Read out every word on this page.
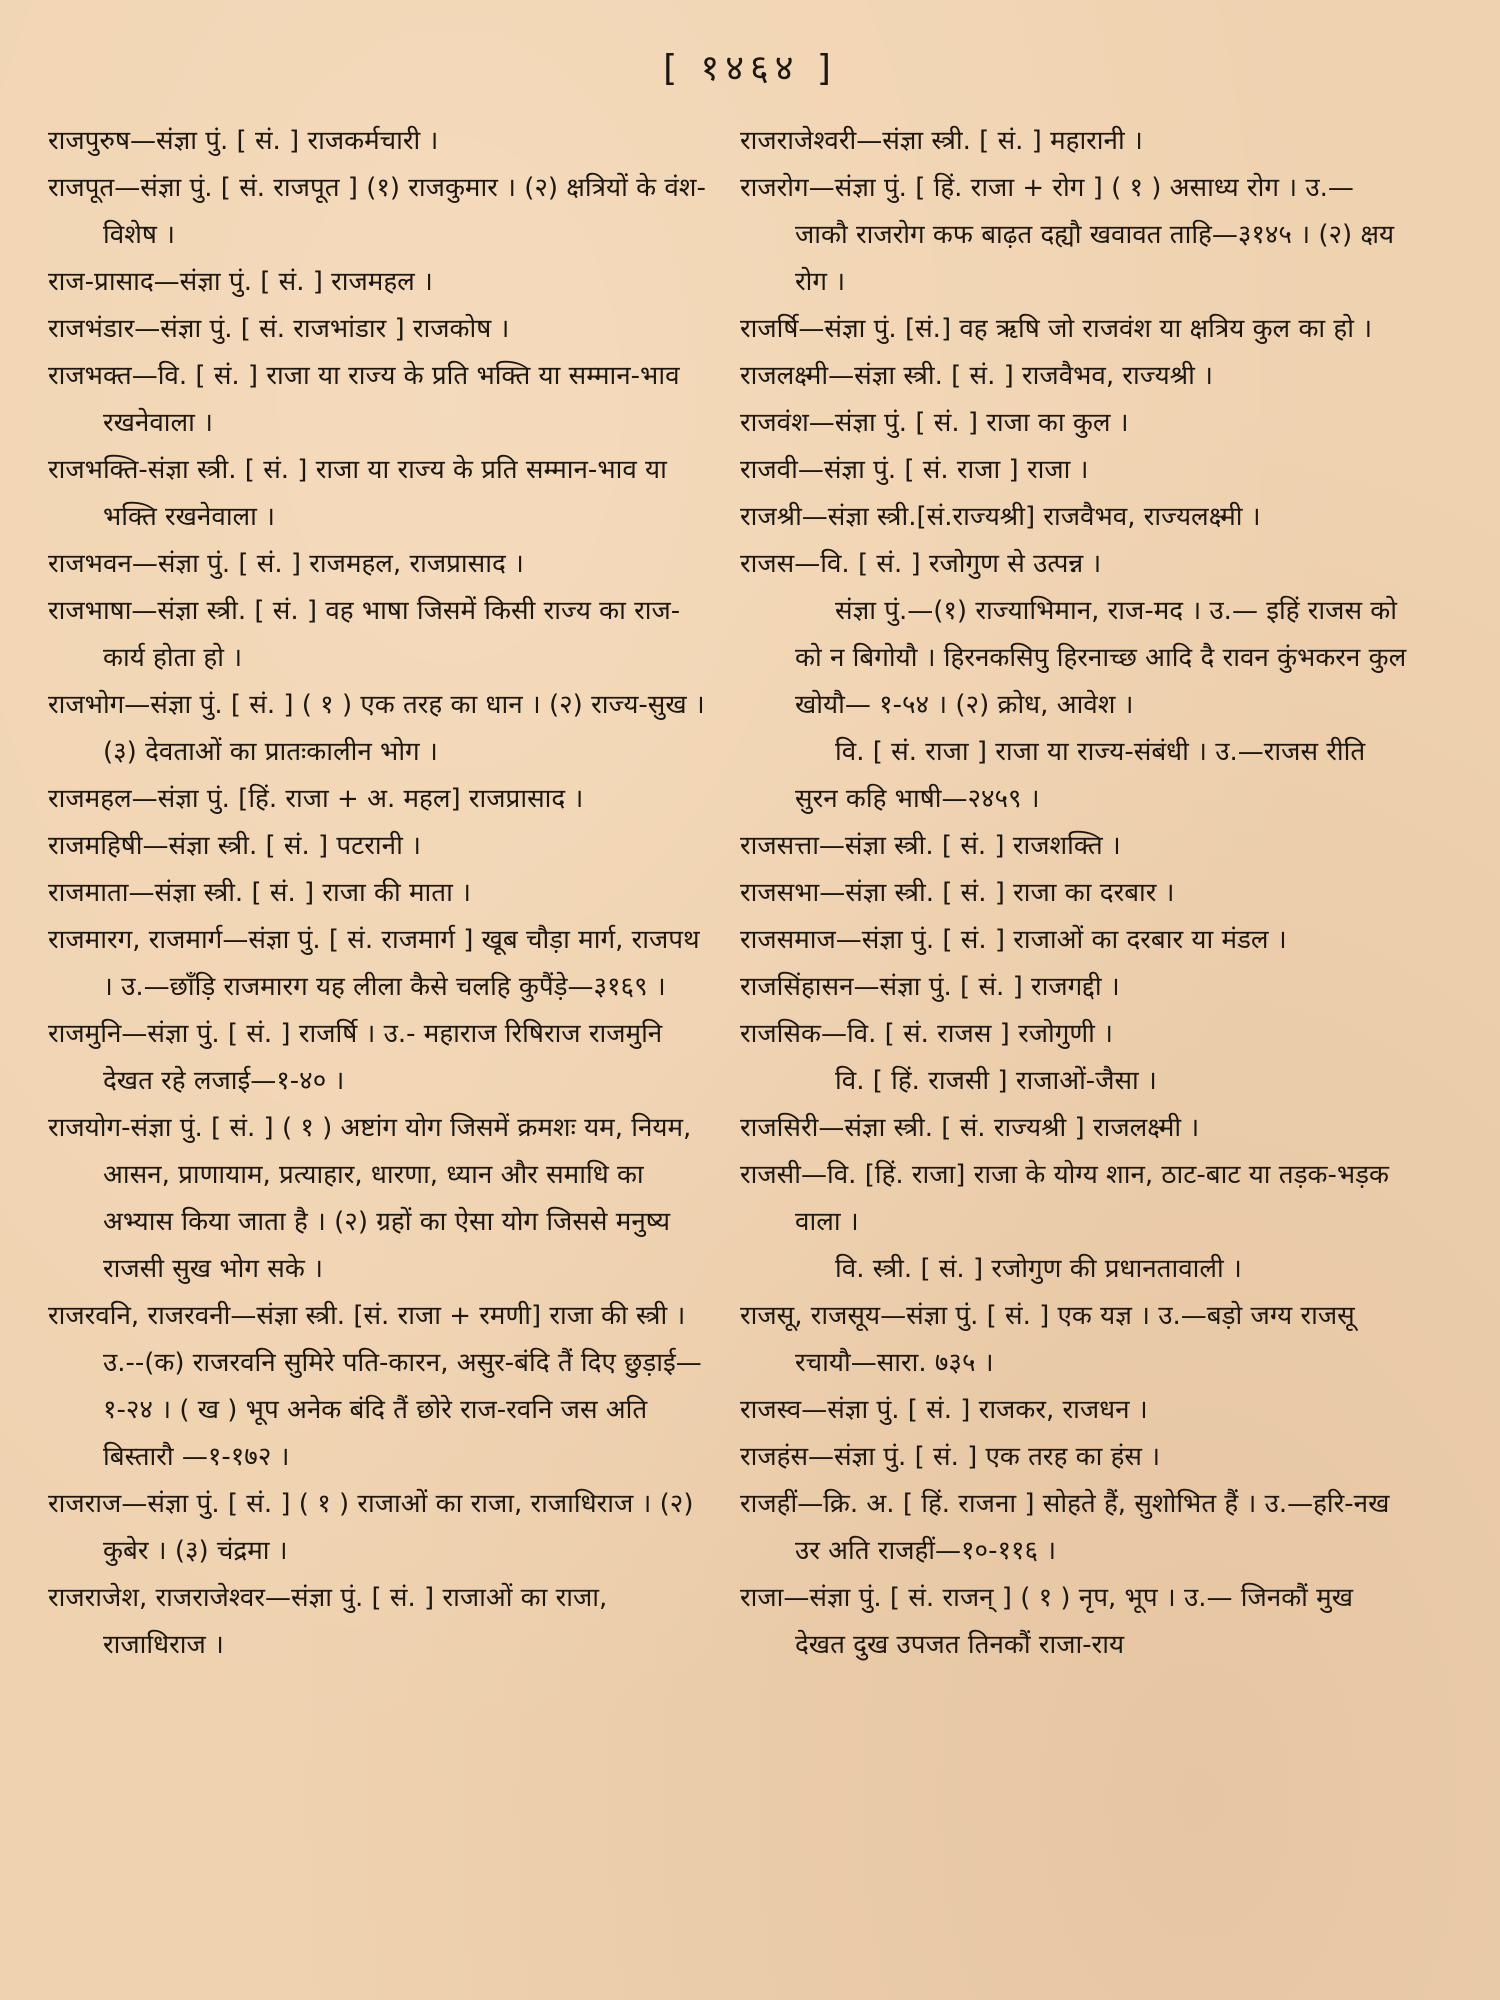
[ १४६४ ]

राजपुरुष—संज्ञा पुं. [ सं. ] राजकर्मचारी ।

राजपूत—संज्ञा पुं. [ सं. राजपूत ] (१) राजकुमार । (२) क्षत्रियों के वंश-विशेष ।

राज-प्रासाद—संज्ञा पुं. [ सं. ] राजमहल ।

राजभंडार—संज्ञा पुं. [ सं. राजभांडार ] राजकोष ।

राजभक्त—वि. [ सं. ] राजा या राज्य के प्रति भक्ति या सम्मान-भाव रखनेवाला ।

राजभक्ति-संज्ञा स्त्री. [ सं. ] राजा या राज्य के प्रति सम्मान-भाव या भक्ति रखनेवाला ।

राजभवन—संज्ञा पुं. [ सं. ] राजमहल, राजप्रासाद ।

राजभाषा—संज्ञा स्त्री. [ सं. ] वह भाषा जिसमें किसी राज्य का राज-कार्य होता हो ।

राजभोग—संज्ञा पुं. [ सं. ] ( १ ) एक तरह का धान । (२) राज्य-सुख । (३) देवताओं का प्रातःकालीन भोग ।

राजमहल—संज्ञा पुं. [हिं. राजा + अ. महल] राजप्रासाद ।

राजमहिषी—संज्ञा स्त्री. [ सं. ] पटरानी ।

राजमाता—संज्ञा स्त्री. [ सं. ] राजा की माता ।

राजमारग, राजमार्ग—संज्ञा पुं. [ सं. राजमार्ग ] खूब चौड़ा मार्ग, राजपथ । उ.—छाँड़ि राजमारग यह लीला कैसे चलहि कुपैंड़े—३१६९ ।

राजमुनि—संज्ञा पुं. [ सं. ] राजर्षि । उ.- महाराज रिषिराज राजमुनि देखत रहे लजाई—१-४० ।

राजयोग-संज्ञा पुं. [ सं. ] ( १ ) अष्टांग योग जिसमें क्रमशः यम, नियम, आसन, प्राणायाम, प्रत्याहार, धारणा, ध्यान और समाधि का अभ्यास किया जाता है । (२) ग्रहों का ऐसा योग जिससे मनुष्य राजसी सुख भोग सके ।

राजरवनि, राजरवनी—संज्ञा स्त्री. [सं. राजा + रमणी] राजा की स्त्री । उ.--(क) राजरवनि सुमिरे पति-कारन, असुर-बंदि तैं दिए छुड़ाई—१-२४ । ( ख ) भूप अनेक बंदि तैं छोरे राज-रवनि जस अति बिस्तारौ —१-१७२ ।

राजराज—संज्ञा पुं. [ सं. ] ( १ ) राजाओं का राजा, राजाधिराज । (२) कुबेर । (३) चंद्रमा ।

राजराजेश, राजराजेश्वर—संज्ञा पुं. [ सं. ] राजाओं का राजा, राजाधिराज ।

राजराजेश्वरी—संज्ञा स्त्री. [ सं. ] महारानी ।

राजरोग—संज्ञा पुं. [ हिं. राजा + रोग ] ( १ ) असाध्य रोग । उ.— जाकौ राजरोग कफ बाढ़त दह्यौ खवावत ताहि—३१४५ । (२) क्षय रोग ।

राजर्षि—संज्ञा पुं. [सं.] वह ऋषि जो राजवंश या क्षत्रिय कुल का हो ।

राजलक्ष्मी—संज्ञा स्त्री. [ सं. ] राजवैभव, राज्यश्री ।

राजवंश—संज्ञा पुं. [ सं. ] राजा का कुल ।

राजवी—संज्ञा पुं. [ सं. राजा ] राजा ।

राजश्री—संज्ञा स्त्री.[सं.राज्यश्री] राजवैभव, राज्यलक्ष्मी ।

राजस—वि. [ सं. ] रजोगुण से उत्पन्न ।

संज्ञा पुं.—(१) राज्याभिमान, राज-मद । उ.— इहिं राजस को को न बिगोयौ । हिरनकसिपु हिरनाच्छ आदि दै रावन कुंभकरन कुल खोयौ— १-५४ । (२) क्रोध, आवेश ।

वि. [ सं. राजा ] राजा या राज्य-संबंधी । उ.—राजस रीति सुरन कहि भाषी—२४५९ ।

राजसत्ता—संज्ञा स्त्री. [ सं. ] राजशक्ति ।

राजसभा—संज्ञा स्त्री. [ सं. ] राजा का दरबार ।

राजसमाज—संज्ञा पुं. [ सं. ] राजाओं का दरबार या मंडल ।

राजसिंहासन—संज्ञा पुं. [ सं. ] राजगद्दी ।

राजसिक—वि. [ सं. राजस ] रजोगुणी ।

वि. [ हिं. राजसी ] राजाओं-जैसा ।

राजसिरी—संज्ञा स्त्री. [ सं. राज्यश्री ] राजलक्ष्मी ।

राजसी—वि. [हिं. राजा] राजा के योग्य शान, ठाट-बाट या तड़क-भड़क वाला ।

वि. स्त्री. [ सं. ] रजोगुण की प्रधानतावाली ।

राजसू, राजसूय—संज्ञा पुं. [ सं. ] एक यज्ञ । उ.—बड़ो जग्य राजसू रचायौ—सारा. ७३५ ।

राजस्व—संज्ञा पुं. [ सं. ] राजकर, राजधन ।

राजहंस—संज्ञा पुं. [ सं. ] एक तरह का हंस ।

राजहीं—क्रि. अ. [ हिं. राजना ] सोहते हैं, सुशोभित हैं । उ.—हरि-नख उर अति राजहीं—१०-११६ ।

राजा—संज्ञा पुं. [ सं. राजन् ] ( १ ) नृप, भूप । उ.— जिनकौं मुख देखत दुख उपजत तिनकौं राजा-राय
